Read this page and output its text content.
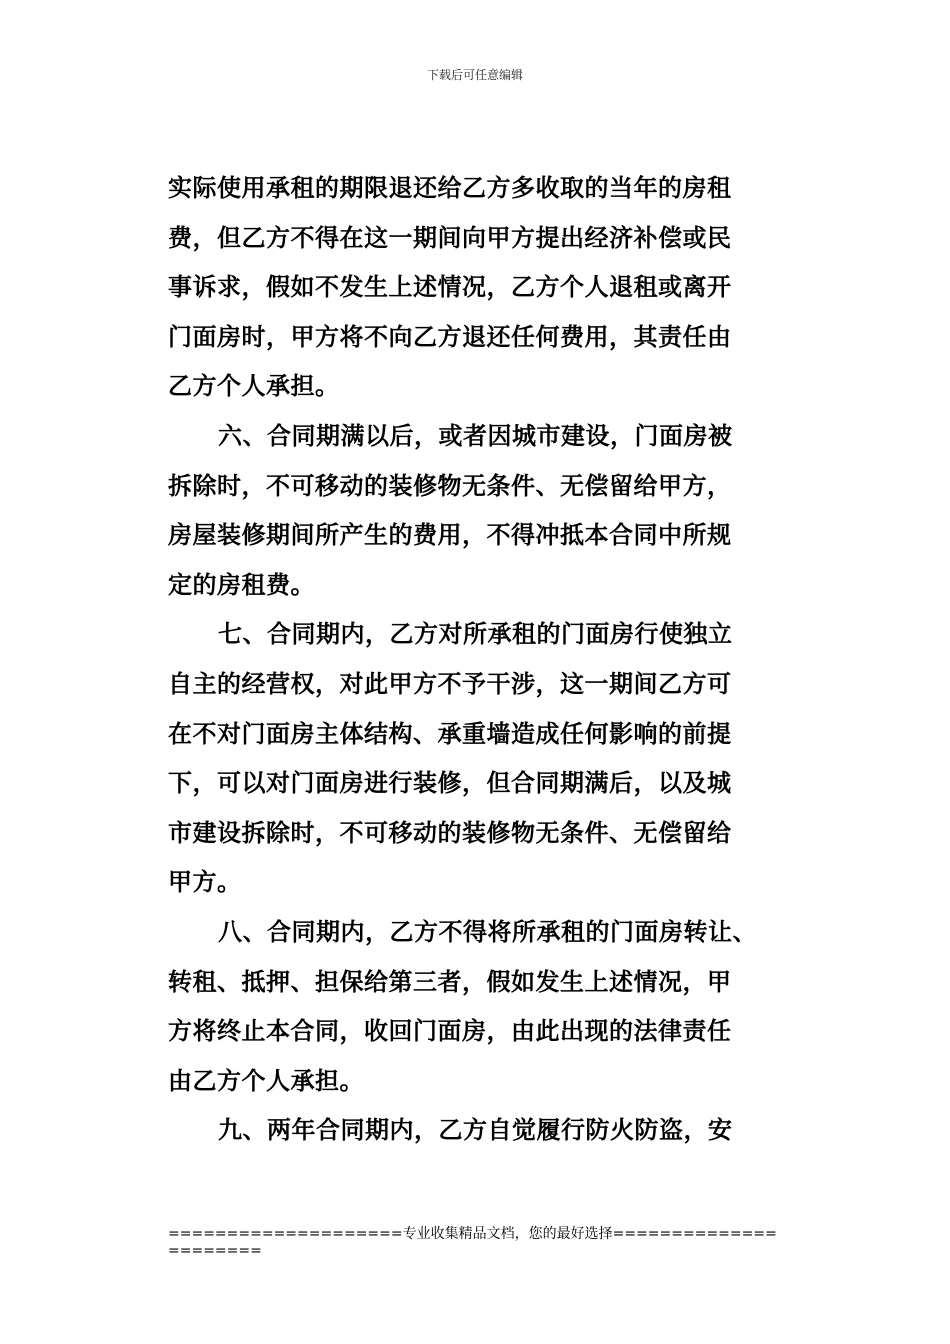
下载后可任意编辑
实际使用承租的期限退还给乙方多收取的当年的房租
费，但乙方不得在这一期间向甲方提出经济补偿或民
事诉求，假如不发生上述情况，乙方个人退租或离开
门面房时，甲方将不向乙方退还任何费用，其责任由
乙方个人承担。
六、合同期满以后，或者因城市建设，门面房被
拆除时，不可移动的装修物无条件、无偿留给甲方，
房屋装修期间所产生的费用，不得冲抵本合同中所规
定的房租费。
七、合同期内，乙方对所承租的门面房行使独立
自主的经营权，对此甲方不予干涉，这一期间乙方可
在不对门面房主体结构、承重墙造成任何影响的前提
下，可以对门面房进行装修，但合同期满后，以及城
市建设拆除时，不可移动的装修物无条件、无偿留给
甲方。
八、合同期内，乙方不得将所承租的门面房转让、
转租、抵押、担保给第三者，假如发生上述情况，甲
方将终止本合同，收回门面房，由此出现的法律责任
由乙方个人承担。
九、两年合同期内，乙方自觉履行防火防盗，安
====================专业收集精品文档，您的最好选择======================
